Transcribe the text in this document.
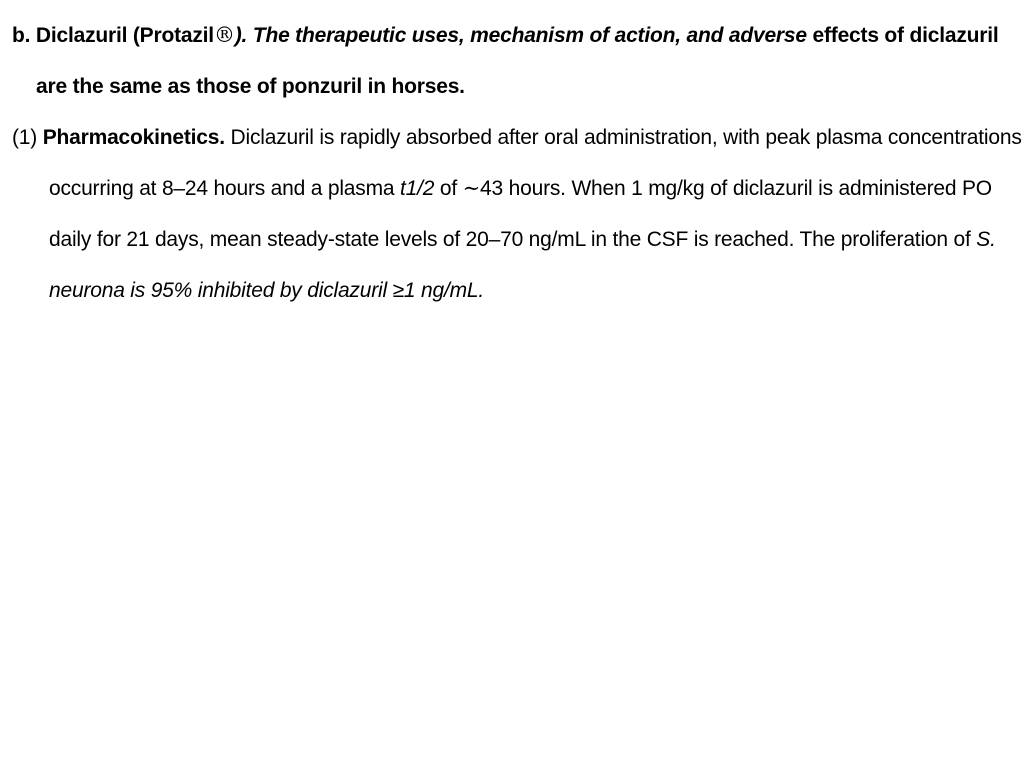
b. Diclazuril (Protazil®). The therapeutic uses, mechanism of action, and adverse effects of diclazuril are the same as those of ponzuril in horses.
(1) Pharmacokinetics. Diclazuril is rapidly absorbed after oral administration, with peak plasma concentrations occurring at 8–24 hours and a plasma t1/2 of ∼43 hours. When 1 mg/kg of diclazuril is administered PO daily for 21 days, mean steady-state levels of 20–70 ng/mL in the CSF is reached. The proliferation of S. neurona is 95% inhibited by diclazuril ≥1 ng/mL.
